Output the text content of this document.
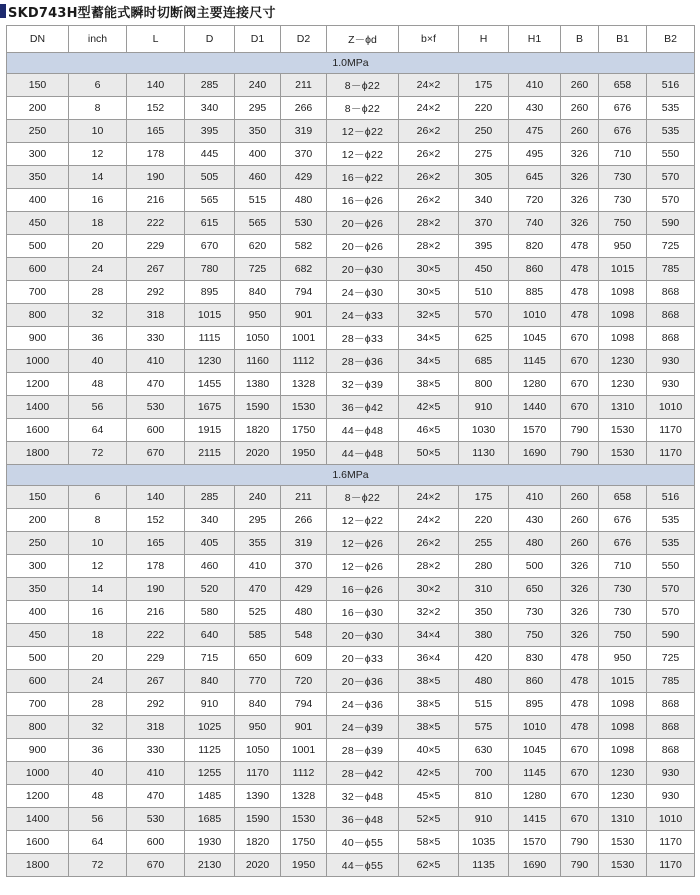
SKD743H型蓄能式瞬时切断阀主要连接尺寸
DN	inch	L	D	D1	D2	Z－ϕd	b×f	H	H1	B	B1	B2
1.0MPa												
150	6	140	285	240	211	8－ϕ22	24×2	175	410	260	658	516
200	8	152	340	295	266	8－ϕ22	24×2	220	430	260	676	535
250	10	165	395	350	319	12－ϕ22	26×2	250	475	260	676	535
300	12	178	445	400	370	12－ϕ22	26×2	275	495	326	710	550
350	14	190	505	460	429	16－ϕ22	26×2	305	645	326	730	570
400	16	216	565	515	480	16－ϕ26	26×2	340	720	326	730	570
450	18	222	615	565	530	20－ϕ26	28×2	370	740	326	750	590
500	20	229	670	620	582	20－ϕ26	28×2	395	820	478	950	725
600	24	267	780	725	682	20－ϕ30	30×5	450	860	478	1015	785
700	28	292	895	840	794	24－ϕ30	30×5	510	885	478	1098	868
800	32	318	1015	950	901	24－ϕ33	32×5	570	1010	478	1098	868
900	36	330	1115	1050	1001	28－ϕ33	34×5	625	1045	670	1098	868
1000	40	410	1230	1160	1112	28－ϕ36	34×5	685	1145	670	1230	930
1200	48	470	1455	1380	1328	32－ϕ39	38×5	800	1280	670	1230	930
1400	56	530	1675	1590	1530	36－ϕ42	42×5	910	1440	670	1310	1010
1600	64	600	1915	1820	1750	44－ϕ48	46×5	1030	1570	790	1530	1170
1800	72	670	2115	2020	1950	44－ϕ48	50×5	1130	1690	790	1530	1170
1.6MPa												
150	6	140	285	240	211	8－ϕ22	24×2	175	410	260	658	516
200	8	152	340	295	266	12－ϕ22	24×2	220	430	260	676	535
250	10	165	405	355	319	12－ϕ26	26×2	255	480	260	676	535
300	12	178	460	410	370	12－ϕ26	28×2	280	500	326	710	550
350	14	190	520	470	429	16－ϕ26	30×2	310	650	326	730	570
400	16	216	580	525	480	16－ϕ30	32×2	350	730	326	730	570
450	18	222	640	585	548	20－ϕ30	34×4	380	750	326	750	590
500	20	229	715	650	609	20－ϕ33	36×4	420	830	478	950	725
600	24	267	840	770	720	20－ϕ36	38×5	480	860	478	1015	785
700	28	292	910	840	794	24－ϕ36	38×5	515	895	478	1098	868
800	32	318	1025	950	901	24－ϕ39	38×5	575	1010	478	1098	868
900	36	330	1125	1050	1001	28－ϕ39	40×5	630	1045	670	1098	868
1000	40	410	1255	1170	1112	28－ϕ42	42×5	700	1145	670	1230	930
1200	48	470	1485	1390	1328	32－ϕ48	45×5	810	1280	670	1230	930
1400	56	530	1685	1590	1530	36－ϕ48	52×5	910	1415	670	1310	1010
1600	64	600	1930	1820	1750	40－ϕ55	58×5	1035	1570	790	1530	1170
1800	72	670	2130	2020	1950	44－ϕ55	62×5	1135	1690	790	1530	1170
